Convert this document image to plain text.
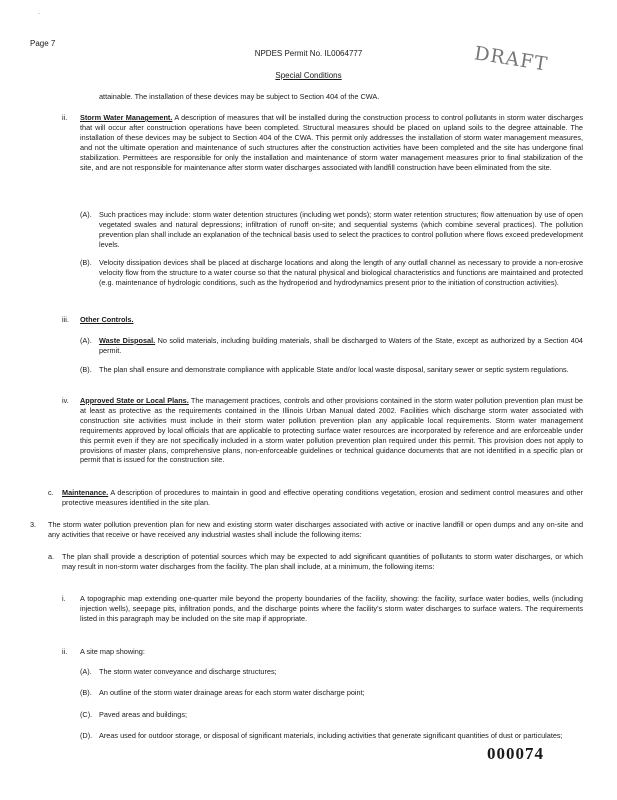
˙
Page 7
NPDES Permit No. IL0064777
Special Conditions	DRAFT

attainable. The installation of these devices may be subject to Section 404 of the CWA.

ii. Storm Water Management. A description of measures that will be installed during the construction process to control pollutants in storm water discharges that will occur after construction operations have been completed. Structural measures should be placed on upland soils to the degree attainable. The installation of these devices may be subject to Section 404 of the CWA. This permit only addresses the installation of storm water management measures, and not the ultimate operation and maintenance of such structures after the construction activities have been completed and the site has undergone final stabilization. Permittees are responsible for only the installation and maintenance of storm water management measures prior to final stabilization of the site, and are not responsible for maintenance after storm water discharges associated with landfill construction have been eliminated from the site.

(A). Such practices may include: storm water detention structures (including wet ponds); storm water retention structures; flow attenuation by use of open vegetated swales and natural depressions; infiltration of runoff on-site; and sequential systems (which combine several practices). The pollution prevention plan shall include an explanation of the technical basis used to select the practices to control pollution where flows exceed predevelopment levels.

(B). Velocity dissipation devices shall be placed at discharge locations and along the length of any outfall channel as necessary to provide a non-erosive velocity flow from the structure to a water course so that the natural physical and biological characteristics and functions are maintained and protected (e.g. maintenance of hydrologic conditions, such as the hydroperiod and hydrodynamics present prior to the initiation of construction activities).

iii. Other Controls.
(A). Waste Disposal. No solid materials, including building materials, shall be discharged to Waters of the State, except as authorized by a Section 404 permit.

(B). The plan shall ensure and demonstrate compliance with applicable State and/or local waste disposal, sanitary sewer or septic system regulations.

iv. Approved State or Local Plans. The management practices, controls and other provisions contained in the storm water pollution prevention plan must be at least as protective as the requirements contained in the Illinois Urban Manual dated 2002. Facilities which discharge storm water associated with construction site activities must include in their storm water pollution prevention plan any applicable local requirements. Storm water management requirements approved by local officials that are applicable to protecting surface water resources are incorporated by reference and are enforceable under this permit even if they are not specifically included in a storm water pollution prevention plan required under this permit. This provision does not apply to provisions of master plans, comprehensive plans, non-enforceable guidelines or technical guidance documents that are not identified in a specific plan or permit that is issued for the construction site.

c. Maintenance. A description of procedures to maintain in good and effective operating conditions vegetation, erosion and sediment control measures and other protective measures identified in the site plan.

3. The storm water pollution prevention plan for new and existing storm water discharges associated with active or inactive landfill or open dumps and any on-site and any activities that receive or have received any industrial wastes shall include the following items:

a. The plan shall provide a description of potential sources which may be expected to add significant quantities of pollutants to storm water discharges, or which may result in non-storm water discharges from the facility. The plan shall include, at a minimum, the following items:

i. A topographic map extending one-quarter mile beyond the property boundaries of the facility, showing: the facility, surface water bodies, wells (including injection wells), seepage pits, infiltration ponds, and the discharge points where the facility's storm water discharges to surface waters. The requirements listed in this paragraph may be included on the site map if appropriate.

ii. A site map showing:

(A). The storm water conveyance and discharge structures;

(B). An outline of the storm water drainage areas for each storm water discharge point;

(C). Paved areas and buildings;

(D). Areas used for outdoor storage, or disposal of significant materials, including activities that generate significant quantities of dust or particulates;

000074
